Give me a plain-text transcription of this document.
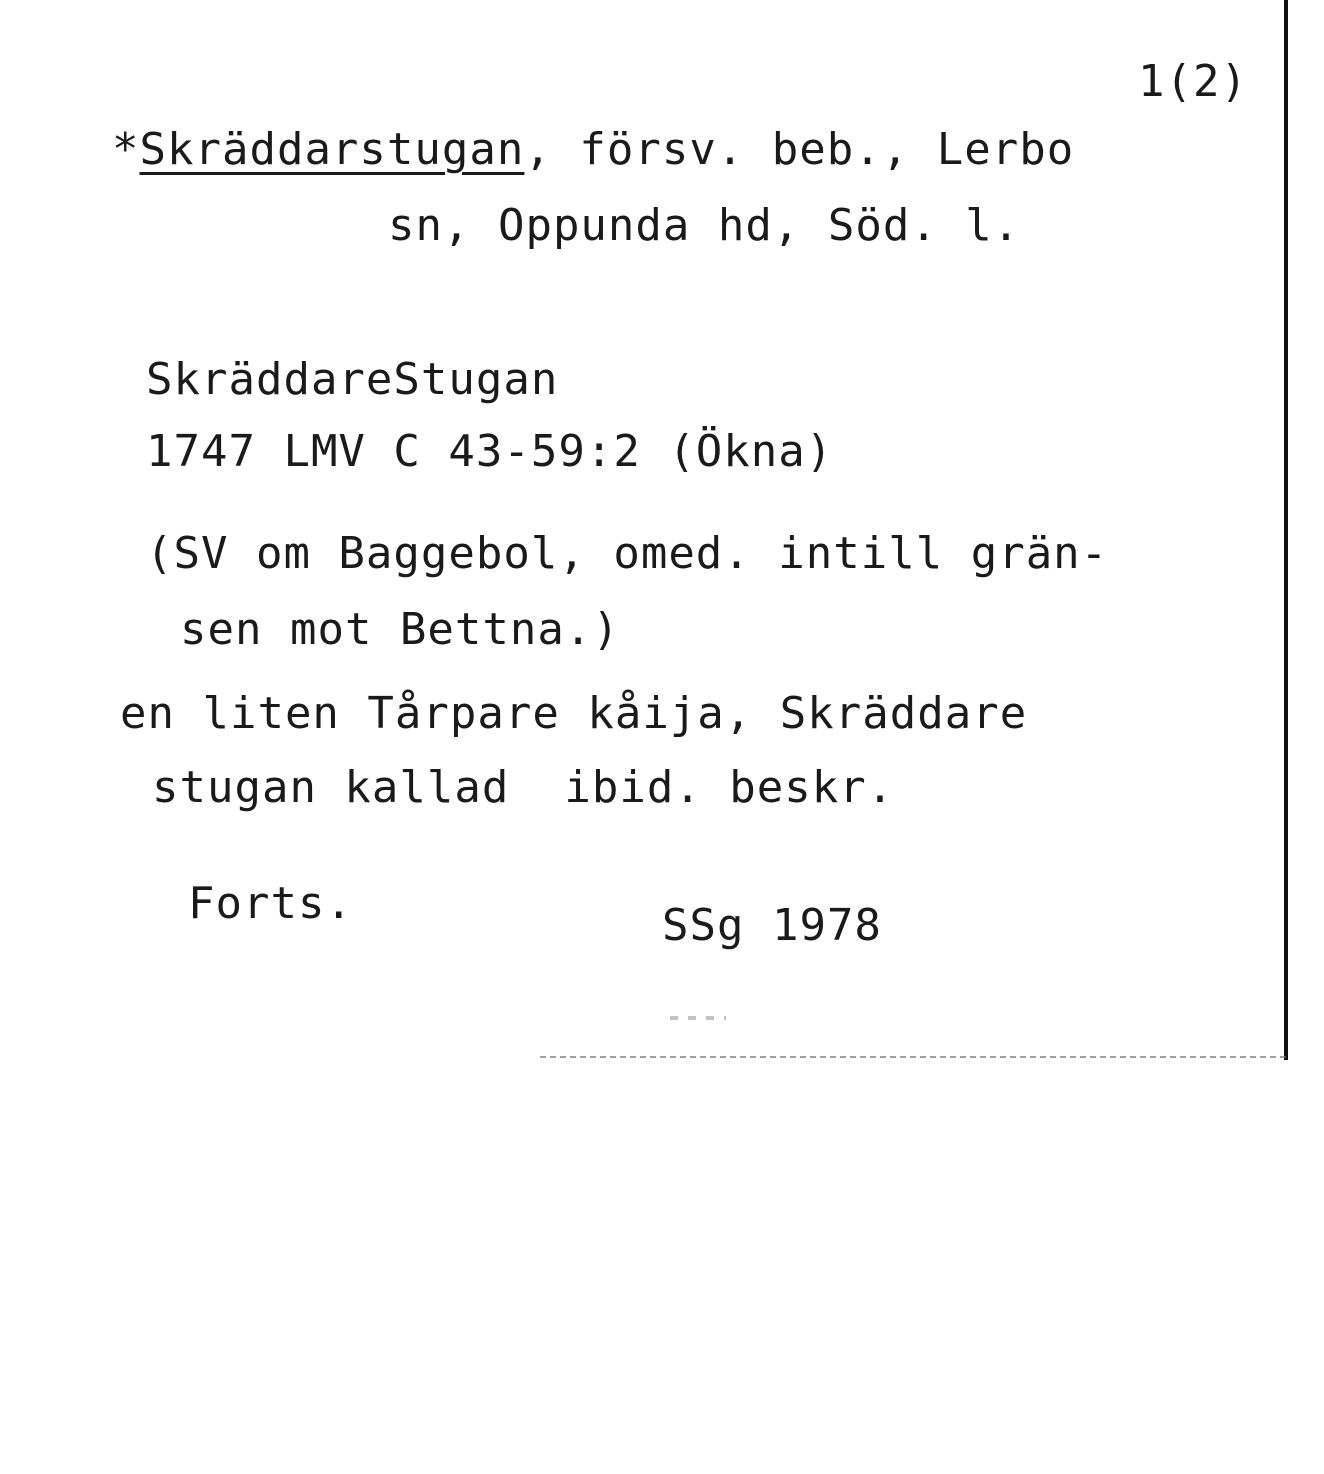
1(2)
*Skräddarstugan, försv. beb., Lerbo
sn, Oppunda hd, Söd. l.
SkräddareStugan
1747 LMV C 43-59:2 (Ökna)
(SV om Baggebol, omed. intill grän-
sen mot Bettna.)
en liten Tårpare kåija, Skräddare
stugan kallad  ibid. beskr.
Forts.	SSg 1978
